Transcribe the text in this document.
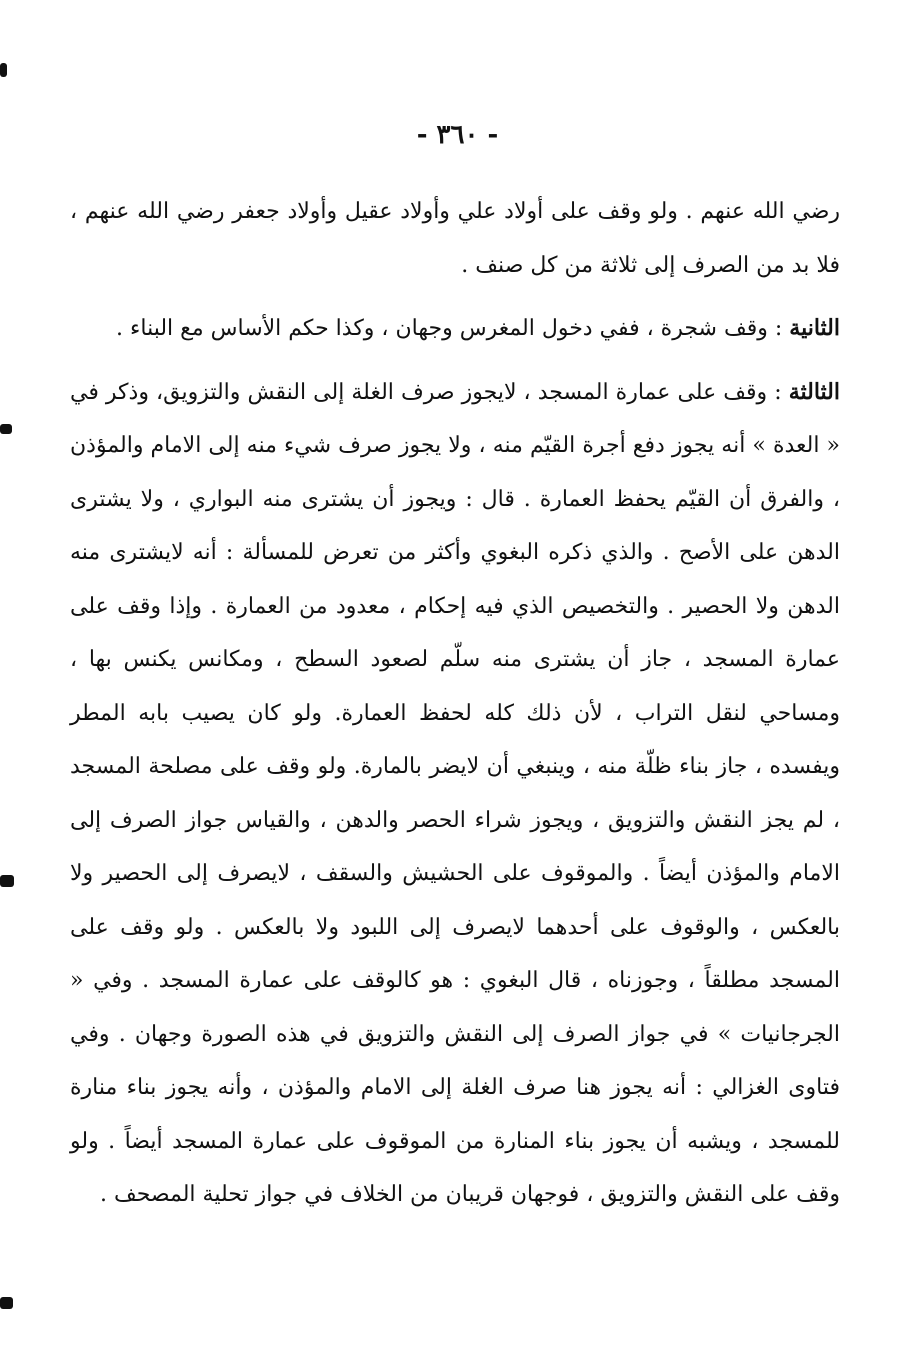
- ٣٦٠ -

رضي الله عنهم . ولو وقف على أولاد علي وأولاد عقيل وأولاد جعفر رضي الله عنهم ، فلا بد من الصرف إلى ثلاثة من كل صنف .

الثانية : وقف شجرة ، ففي دخول المغرس وجهان ، وكذا حكم الأساس مع البناء .

الثالثة : وقف على عمارة المسجد ، لايجوز صرف الغلة إلى النقش والتزويق، وذكر في « العدة » أنه يجوز دفع أجرة القيّم منه ، ولا يجوز صرف شيء منه إلى الامام والمؤذن ، والفرق أن القيّم يحفظ العمارة . قال : ويجوز أن يشترى منه البواري ، ولا يشترى الدهن على الأصح . والذي ذكره البغوي وأكثر من تعرض للمسألة : أنه لايشترى منه الدهن ولا الحصير . والتخصيص الذي فيه إحكام ، معدود من العمارة . وإذا وقف على عمارة المسجد ، جاز أن يشترى منه سلّم لصعود السطح ، ومكانس يكنس بها ، ومساحي لنقل التراب ، لأن ذلك كله لحفظ العمارة. ولو كان يصيب بابه المطر ويفسده ، جاز بناء ظلّة منه ، وينبغي أن لايضر بالمارة. ولو وقف على مصلحة المسجد ، لم يجز النقش والتزويق ، ويجوز شراء الحصر والدهن ، والقياس جواز الصرف إلى الامام والمؤذن أيضاً . والموقوف على الحشيش والسقف ، لايصرف إلى الحصير ولا بالعكس ، والوقوف على أحدهما لايصرف إلى اللبود ولا بالعكس . ولو وقف على المسجد مطلقاً ، وجوزناه ، قال البغوي : هو كالوقف على عمارة المسجد . وفي « الجرجانيات » في جواز الصرف إلى النقش والتزويق في هذه الصورة وجهان . وفي فتاوى الغزالي : أنه يجوز هنا صرف الغلة إلى الامام والمؤذن ، وأنه يجوز بناء منارة للمسجد ، ويشبه أن يجوز بناء المنارة من الموقوف على عمارة المسجد أيضاً . ولو وقف على النقش والتزويق ، فوجهان قريبان من الخلاف في جواز تحلية المصحف .
